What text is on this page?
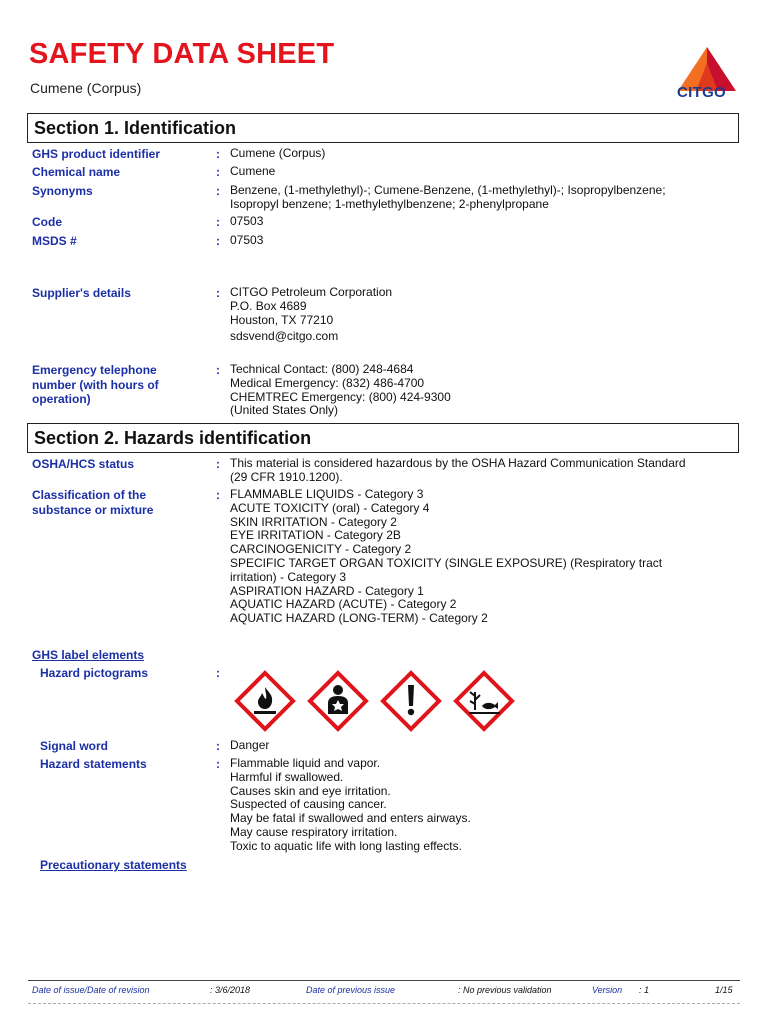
SAFETY DATA SHEET
Cumene (Corpus)	CITGO
Section 1. Identification
GHS product identifier	: Cumene (Corpus)
Chemical name	: Cumene
Synonyms	: Benzene, (1-methylethyl)-; Cumene-Benzene, (1-methylethyl)-; Isopropylbenzene;
Isopropyl benzene; 1-methylethylbenzene; 2-phenylpropane
Code	: 07503
MSDS #	: 07503
Supplier's details	: CITGO Petroleum Corporation
P.O. Box 4689
Houston, TX 77210
sdsvend@citgo.com
Emergency telephone
number (with hours of
operation)
: Technical Contact: (800) 248-4684
Medical Emergency: (832) 486-4700
CHEMTREC Emergency: (800) 424-9300
(United States Only)
Section 2. Hazards identification
OSHA/HCS status	: This material is considered hazardous by the OSHA Hazard Communication Standard
(29 CFR 1910.1200).
Classification of the
substance or mixture
: FLAMMABLE LIQUIDS - Category 3
ACUTE TOXICITY (oral) - Category 4
SKIN IRRITATION - Category 2
EYE IRRITATION - Category 2B
CARCINOGENICITY - Category 2
SPECIFIC TARGET ORGAN TOXICITY (SINGLE EXPOSURE) (Respiratory tract
irritation) - Category 3
ASPIRATION HAZARD - Category 1
AQUATIC HAZARD (ACUTE) - Category 2
AQUATIC HAZARD (LONG-TERM) - Category 2
GHS label elements
Hazard pictograms	:
Signal word	: Danger
Hazard statements	: Flammable liquid and vapor.
Harmful if swallowed.
Causes skin and eye irritation.
Suspected of causing cancer.
May be fatal if swallowed and enters airways.
May cause respiratory irritation.
Toxic to aquatic life with long lasting effects.
Precautionary statements
Date of issue/Date of revision	: 3/6/2018	Date of previous issue	: No previous validation	Version : 1	1/15
